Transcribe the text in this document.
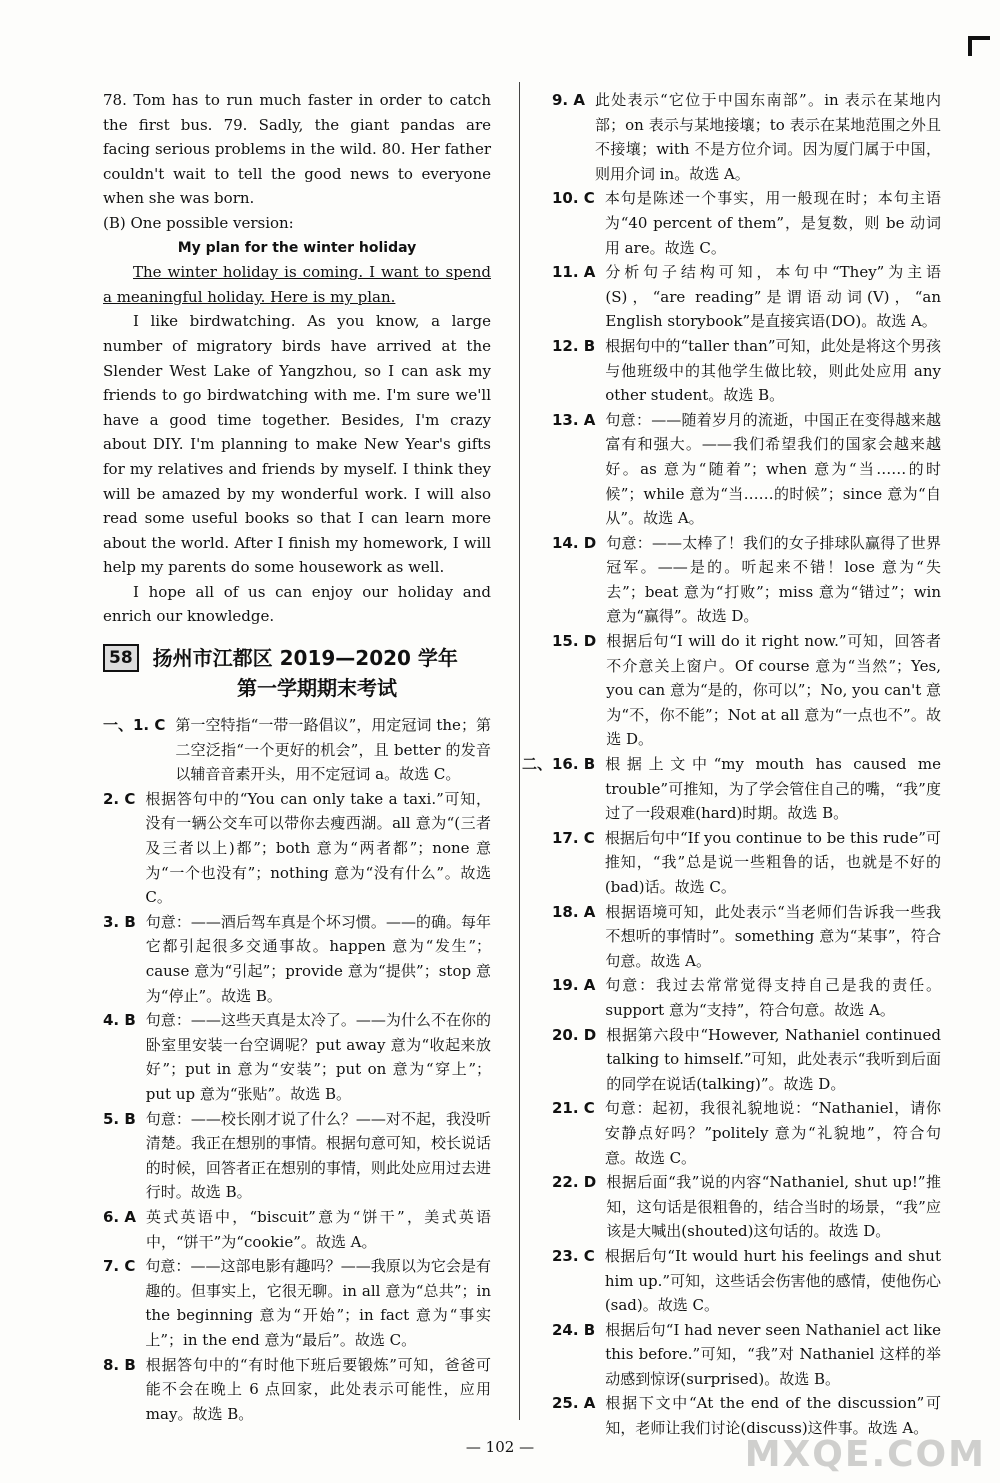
78. Tom has to run much faster in order to catch the first bus. 79. Sadly, the giant pandas are facing serious problems in the wild. 80. Her father couldn't wait to tell the good news to everyone when she was born.

(B) One possible version:

My plan for the winter holiday

The winter holiday is coming. I want to spend a meaningful holiday. Here is my plan.

I like birdwatching. As you know, a large number of migratory birds have arrived at the Slender West Lake of Yangzhou, so I can ask my friends to go birdwatching with me. I'm sure we'll have a good time together. Besides, I'm crazy about DIY. I'm planning to make New Year's gifts for my relatives and friends by myself. I think they will be amazed by my wonderful work. I will also read some useful books so that I can learn more about the world. After I finish my homework, I will help my parents do some housework as well.

I hope all of us can enjoy our holiday and enrich our knowledge.

58	扬州市江都区 2019—2020 学年
第一学期期末考试
一、1. C 第一空特指“一带一路倡议”，用定冠词 the；第二空泛指“一个更好的机会”，且 better 的发音以辅音音素开头，用不定冠词 a。故选 C。
2. C 根据答句中的“You can only take a taxi.”可知，没有一辆公交车可以带你去瘦西湖。all 意为“(三者及三者以上)都”；both 意为“两者都”；none 意为“一个也没有”；nothing 意为“没有什么”。故选 C。
3. B 句意：——酒后驾车真是个坏习惯。——的确。每年它都引起很多交通事故。happen 意为“发生”；cause 意为“引起”；provide 意为“提供”；stop 意为“停止”。故选 B。
4. B 句意：——这些天真是太冷了。——为什么不在你的卧室里安装一台空调呢？put away 意为“收起来放好”；put in 意为“安装”；put on 意为“穿上”；put up 意为“张贴”。故选 B。
5. B 句意：——校长刚才说了什么？——对不起，我没听清楚。我正在想别的事情。根据句意可知，校长说话的时候，回答者正在想别的事情，则此处应用过去进行时。故选 B。
6. A 英式英语中，“biscuit”意为“饼干”，美式英语中，“饼干”为“cookie”。故选 A。
7. C 句意：——这部电影有趣吗？——我原以为它会是有趣的。但事实上，它很无聊。in all 意为“总共”；in the beginning 意为“开始”；in fact 意为“事实上”；in the end 意为“最后”。故选 C。
8. B 根据答句中的“有时他下班后要锻炼”可知，爸爸可能不会在晚上 6 点回家，此处表示可能性，应用 may。故选 B。
9. A 此处表示“它位于中国东南部”。in 表示在某地内部；on 表示与某地接壤；to 表示在某地范围之外且不接壤；with 不是方位介词。因为厦门属于中国，则用介词 in。故选 A。
10. C 本句是陈述一个事实，用一般现在时；本句主语为“40 percent of them”，是复数，则 be 动词用 are。故选 C。
11. A 分析句子结构可知，本句中“They”为主语(S)，“are reading”是谓语动词(V)，“an English storybook”是直接宾语(DO)。故选 A。
12. B 根据句中的“taller than”可知，此处是将这个男孩与他班级中的其他学生做比较，则此处应用 any other student。故选 B。
13. A 句意：——随着岁月的流逝，中国正在变得越来越富有和强大。——我们希望我们的国家会越来越好。as 意为“随着”；when 意为“当……的时候”；while 意为“当……的时候”；since 意为“自从”。故选 A。
14. D 句意：——太棒了！我们的女子排球队赢得了世界冠军。——是的。听起来不错！lose 意为“失去”；beat 意为“打败”；miss 意为“错过”；win 意为“赢得”。故选 D。
15. D 根据后句“I will do it right now.”可知，回答者不介意关上窗户。Of course 意为“当然”；Yes, you can 意为“是的，你可以”；No, you can't 意为“不，你不能”；Not at all 意为“一点也不”。故选 D。
二、16. B 根据上文中“my mouth has caused me trouble”可推知，为了学会管住自己的嘴，“我”度过了一段艰难(hard)时期。故选 B。
17. C 根据后句中“If you continue to be this rude”可推知，“我”总是说一些粗鲁的话，也就是不好的(bad)话。故选 C。
18. A 根据语境可知，此处表示“当老师们告诉我一些我不想听的事情时”。something 意为“某事”，符合句意。故选 A。
19. A 句意：我过去常常觉得支持自己是我的责任。support 意为“支持”，符合句意。故选 A。
20. D 根据第六段中“However, Nathaniel continued talking to himself.”可知，此处表示“我听到后面的同学在说话(talking)”。故选 D。
21. C 句意：起初，我很礼貌地说：“Nathaniel，请你安静点好吗？”politely 意为“礼貌地”，符合句意。故选 C。
22. D 根据后面“我”说的内容“Nathaniel, shut up!”推知，这句话是很粗鲁的，结合当时的场景，“我”应该是大喊出(shouted)这句话的。故选 D。
23. C 根据后句“It would hurt his feelings and shut him up.”可知，这些话会伤害他的感情，使他伤心(sad)。故选 C。
24. B 根据后句“I had never seen Nathaniel act like this before.”可知，“我”对 Nathaniel 这样的举动感到惊讶(surprised)。故选 B。
25. A 根据下文中“At the end of the discussion”可知，老师让我们讨论(discuss)这件事。故选 A。
— 102 —	MXQE.COM
